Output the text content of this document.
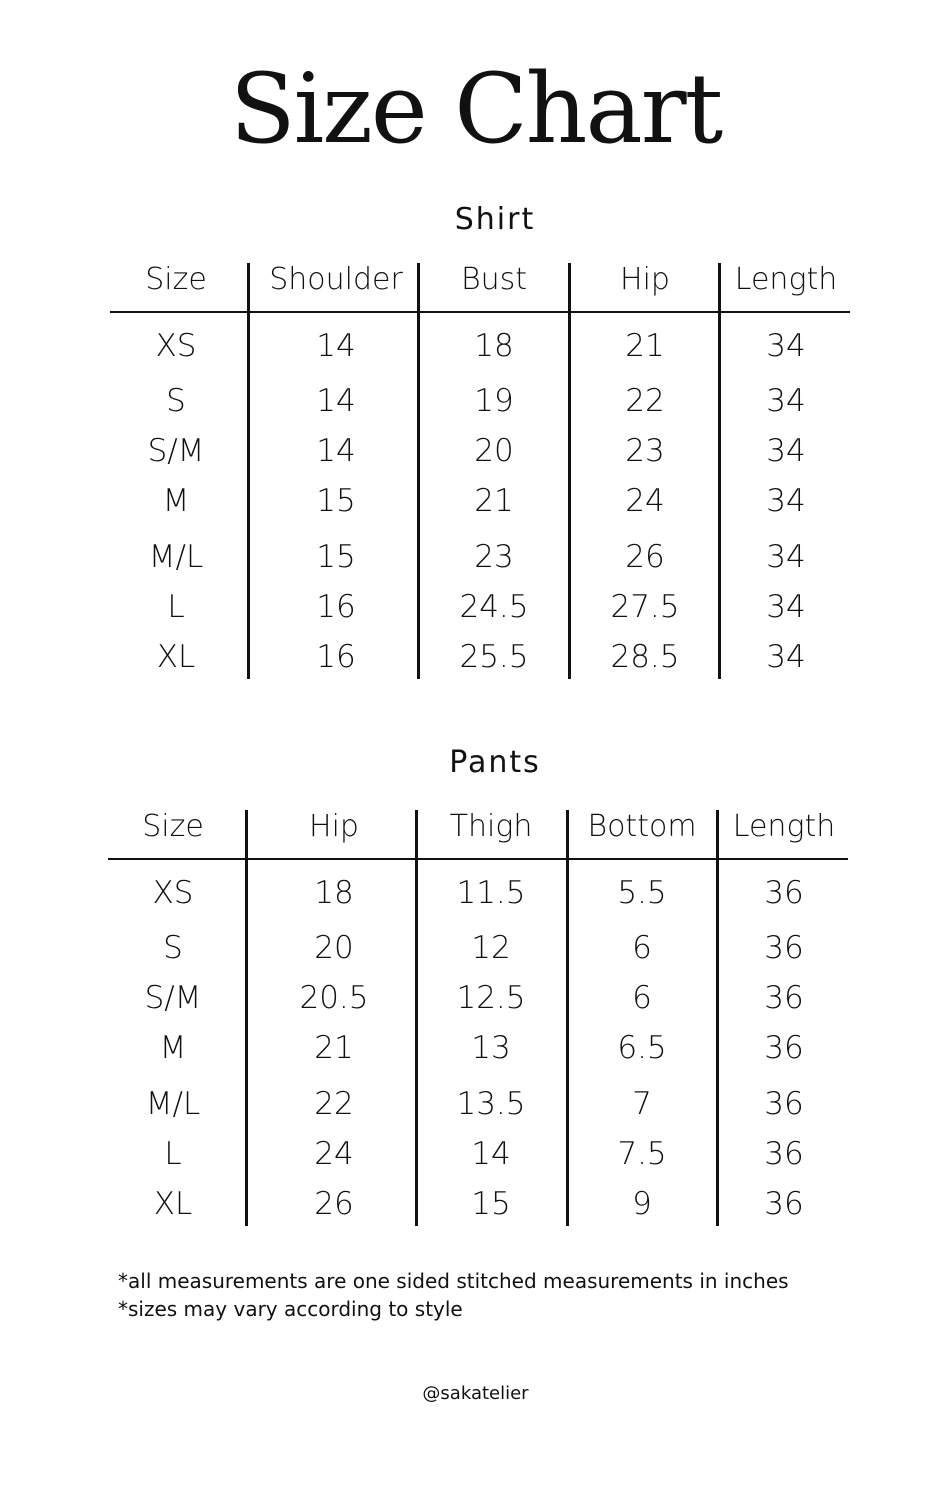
Size Chart
Shirt
Pants
*all measurements are one sided stitched measurements in inches
*sizes may vary according to style
@sakatelier
Size	Shoulder	Bust	Hip	Length
XS	14	18	21	34
S	14	19	22	34
S/M	14	20	23	34
M	15	21	24	34
M/L	15	23	26	34
L	16	24.5	27.5	34
XL	16	25.5	28.5	34
Size	Hip	Thigh	Bottom	Length
XS	18	11.5	5.5	36
S	20	12	6	36
S/M	20.5	12.5	6	36
M	21	13	6.5	36
M/L	22	13.5	7	36
L	24	14	7.5	36
XL	26	15	9	36
